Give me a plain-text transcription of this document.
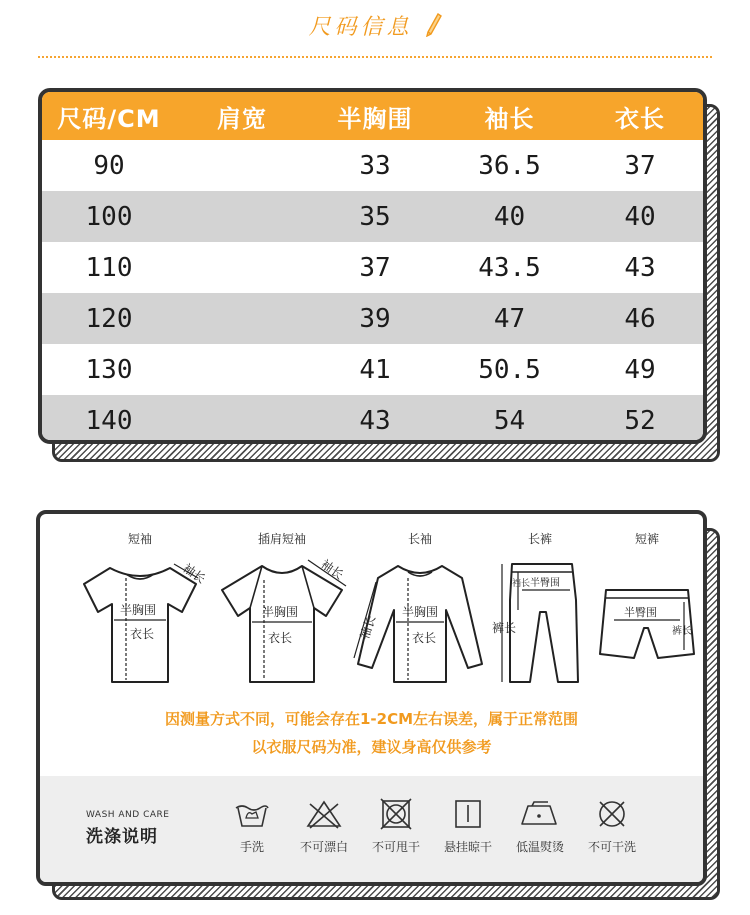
尺码信息
尺码/CM	肩宽	半胸围	袖长	衣长
90		33	36.5	37
100		35	40	40
110		37	43.5	43
120		39	47	46
130		41	50.5	49
140		43	54	52
短袖
半胸围
衣长
袖长
插肩短袖
半胸围
衣长
袖长
长袖
半胸围
衣长
袖长
长裤
半臀围
裆长
裤长
短裤
半臀围
裤长
因测量方式不同，可能会存在1-2CM左右误差，属于正常范围
以衣服尺码为准，建议身高仅供参考
WASH AND CARE
洗涤说明	手洗	不可漂白	不可甩干	悬挂晾干	低温熨烫	不可干洗
